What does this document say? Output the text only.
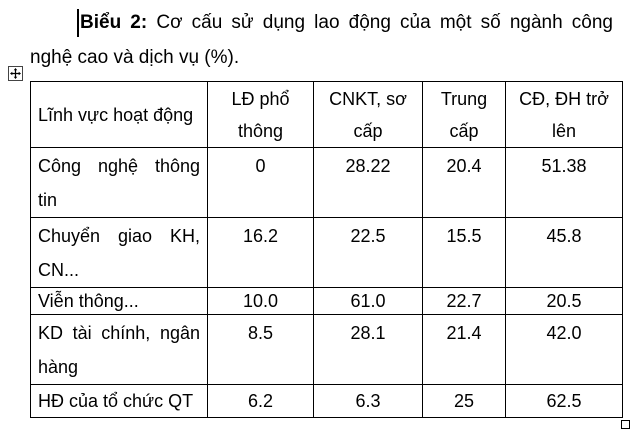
Biểu 2: Cơ cấu sử dụng lao động của một số ngành công nghệ cao và dịch vụ (%).
Lĩnh vực hoạt động	LĐ phổ thông	CNKT, sơ cấp	Trung cấp	CĐ, ĐH trở lên
Công nghệ thông tin	0	28.22	20.4	51.38
Chuyển giao KH, CN...	16.2	22.5	15.5	45.8
Viễn thông...	10.0	61.0	22.7	20.5
KD tài chính, ngân hàng	8.5	28.1	21.4	42.0
HĐ của tổ chức QT	6.2	6.3	25	62.5
